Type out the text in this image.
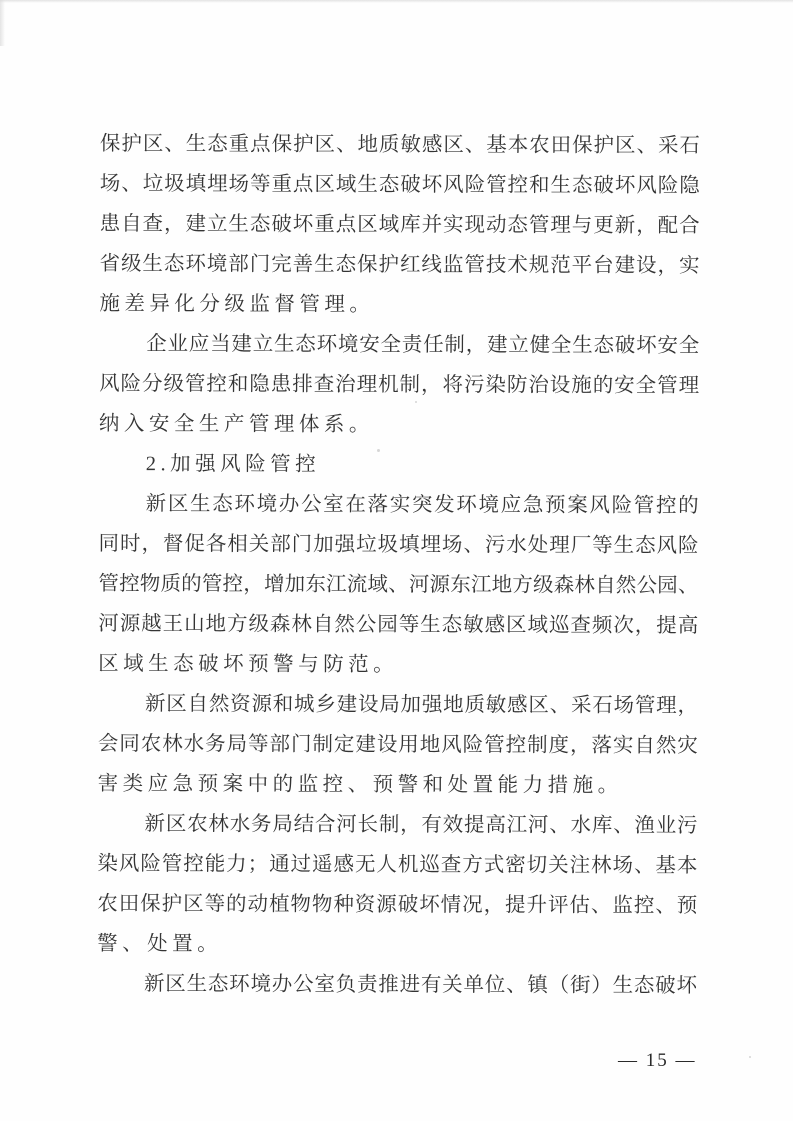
保护区、生态重点保护区、地质敏感区、基本农田保护区、采石
场、垃圾填埋场等重点区域生态破坏风险管控和生态破坏风险隐
患自查，建立生态破坏重点区域库并实现动态管理与更新，配合
省级生态环境部门完善生态保护红线监管技术规范平台建设，实
施差异化分级监督管理。
企业应当建立生态环境安全责任制，建立健全生态破坏安全
风险分级管控和隐患排查治理机制，将污染防治设施的安全管理
纳入安全生产管理体系。
2.加强风险管控
新区生态环境办公室在落实突发环境应急预案风险管控的
同时，督促各相关部门加强垃圾填埋场、污水处理厂等生态风险
管控物质的管控，增加东江流域、河源东江地方级森林自然公园、
河源越王山地方级森林自然公园等生态敏感区域巡查频次，提高
区域生态破坏预警与防范。
新区自然资源和城乡建设局加强地质敏感区、采石场管理，
会同农林水务局等部门制定建设用地风险管控制度，落实自然灾
害类应急预案中的监控、预警和处置能力措施。
新区农林水务局结合河长制，有效提高江河、水库、渔业污
染风险管控能力；通过遥感无人机巡查方式密切关注林场、基本
农田保护区等的动植物物种资源破坏情况，提升评估、监控、预
警、处置。
新区生态环境办公室负责推进有关单位、镇（街）生态破坏
— 15 —
